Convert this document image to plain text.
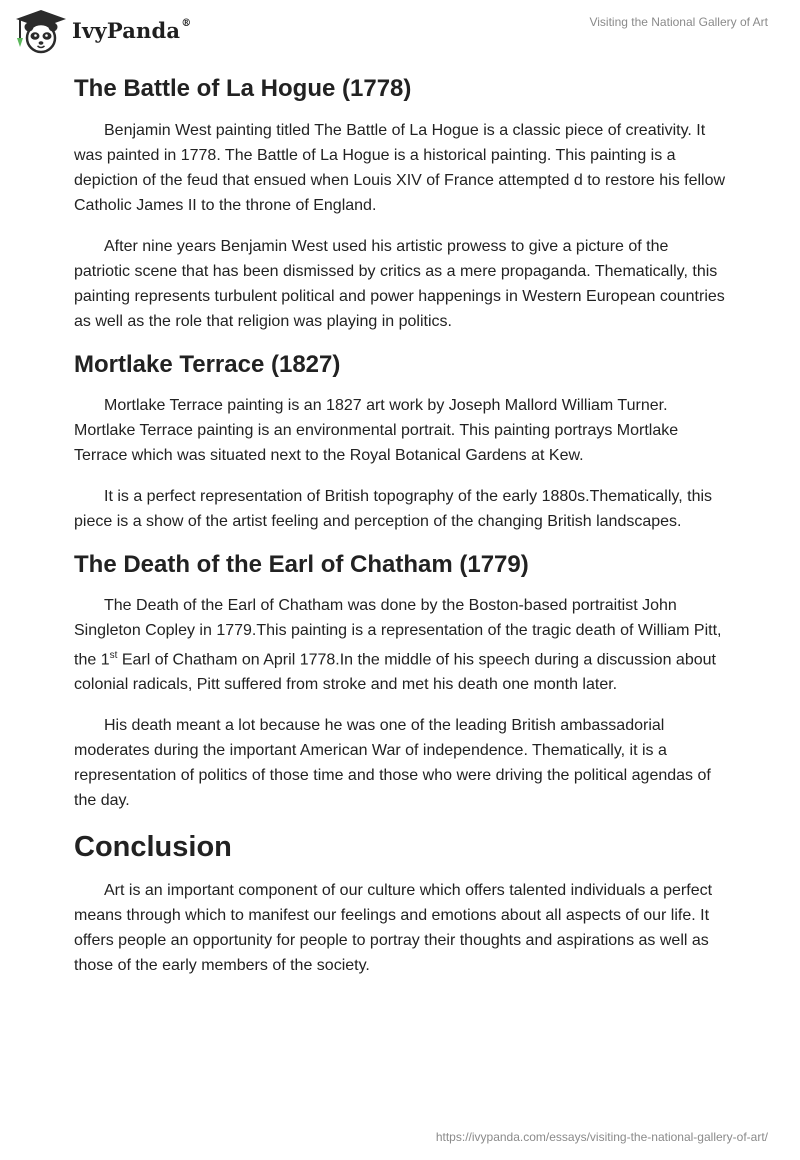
IvyPanda®	Visiting the National Gallery of Art
The Battle of La Hogue (1778)

Benjamin West painting titled The Battle of La Hogue is a classic piece of creativity. It was painted in 1778. The Battle of La Hogue is a historical painting. This painting is a depiction of the feud that ensued when Louis XIV of France attempted d to restore his fellow Catholic James II to the throne of England.

After nine years Benjamin West used his artistic prowess to give a picture of the patriotic scene that has been dismissed by critics as a mere propaganda. Thematically, this painting represents turbulent political and power happenings in Western European countries as well as the role that religion was playing in politics.

Mortlake Terrace (1827)

Mortlake Terrace painting is an 1827 art work by Joseph Mallord William Turner. Mortlake Terrace painting is an environmental portrait. This painting portrays Mortlake Terrace which was situated next to the Royal Botanical Gardens at Kew.

It is a perfect representation of British topography of the early 1880s.Thematically, this piece is a show of the artist feeling and perception of the changing British landscapes.

The Death of the Earl of Chatham (1779)

The Death of the Earl of Chatham was done by the Boston-based portraitist John Singleton Copley in 1779.This painting is a representation of the tragic death of William Pitt, the 1st Earl of Chatham on April 1778.In the middle of his speech during a discussion about colonial radicals, Pitt suffered from stroke and met his death one month later.

His death meant a lot because he was one of the leading British ambassadorial moderates during the important American War of independence. Thematically, it is a representation of politics of those time and those who were driving the political agendas of the day.

Conclusion

Art is an important component of our culture which offers talented individuals a perfect means through which to manifest our feelings and emotions about all aspects of our life. It offers people an opportunity for people to portray their thoughts and aspirations as well as those of the early members of the society.

https://ivypanda.com/essays/visiting-the-national-gallery-of-art/
